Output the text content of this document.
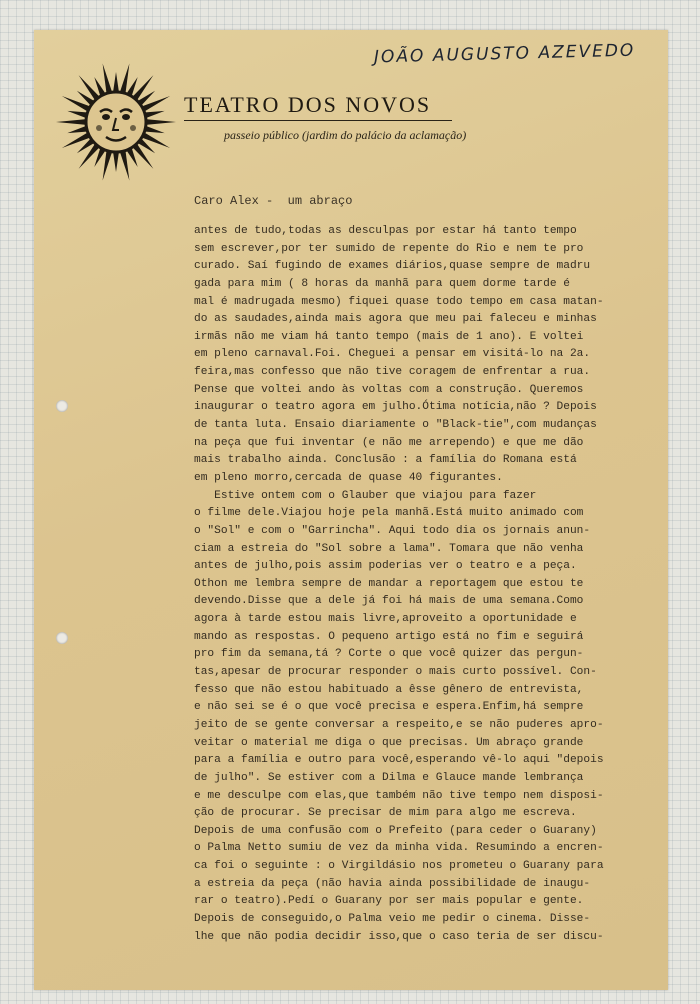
JOÃO AUGUSTO AZEVEDO
TEATRO DOS NOVOS
passeio público (jardim do palácio da aclamação)
Caro Alex -  um abraço
antes de tudo,todas as desculpas por estar há tanto tempo
sem escrever,por ter sumido de repente do Rio e nem te pro
curado. Saí fugindo de exames diários,quase sempre de madru
gada para mim ( 8 horas da manhã para quem dorme tarde é
mal é madrugada mesmo) fiquei quase todo tempo em casa matan-
do as saudades,ainda mais agora que meu pai faleceu e minhas
irmãs não me viam há tanto tempo (mais de 1 ano). E voltei
em pleno carnaval.Foi. Cheguei a pensar em visitá-lo na 2a.
feira,mas confesso que não tive coragem de enfrentar a rua.
Pense que voltei ando às voltas com a construção. Queremos
inaugurar o teatro agora em julho.Ótima notícia,não ? Depois
de tanta luta. Ensaio diariamente o "Black-tie",com mudanças
na peça que fui inventar (e não me arrependo) e que me dão
mais trabalho ainda. Conclusão : a família do Romana está
em pleno morro,cercada de quase 40 figurantes.
Estive ontem com o Glauber que viajou para fazer
o filme dele.Viajou hoje pela manhã.Está muito animado com
o "Sol" e com o "Garrincha". Aqui todo dia os jornais anun-
ciam a estreia do "Sol sobre a lama". Tomara que não venha
antes de julho,pois assim poderias ver o teatro e a peça.
Othon me lembra sempre de mandar a reportagem que estou te
devendo.Disse que a dele já foi há mais de uma semana.Como
agora à tarde estou mais livre,aproveito a oportunidade e
mando as respostas. O pequeno artigo está no fim e seguirá
pro fim da semana,tá ? Corte o que você quizer das pergun-
tas,apesar de procurar responder o mais curto possível. Con-
fesso que não estou habituado a êsse gênero de entrevista,
e não sei se é o que você precisa e espera.Enfim,há sempre
jeito de se gente conversar a respeito,e se não puderes apro-
veitar o material me diga o que precisas. Um abraço grande
para a família e outro para você,esperando vê-lo aqui "depois
de julho". Se estiver com a Dilma e Glauce mande lembrança
e me desculpe com elas,que também não tive tempo nem disposi-
ção de procurar. Se precisar de mim para algo me escreva.
Depois de uma confusão com o Prefeito (para ceder o Guarany)
o Palma Netto sumiu de vez da minha vida. Resumindo a encren-
ca foi o seguinte : o Virgildásio nos prometeu o Guarany para
a estreia da peça (não havia ainda possibilidade de inaugu-
rar o teatro).Pedí o Guarany por ser mais popular e gente.
Depois de conseguido,o Palma veio me pedir o cinema. Disse-
lhe que não podia decidir isso,que o caso teria de ser discu-
